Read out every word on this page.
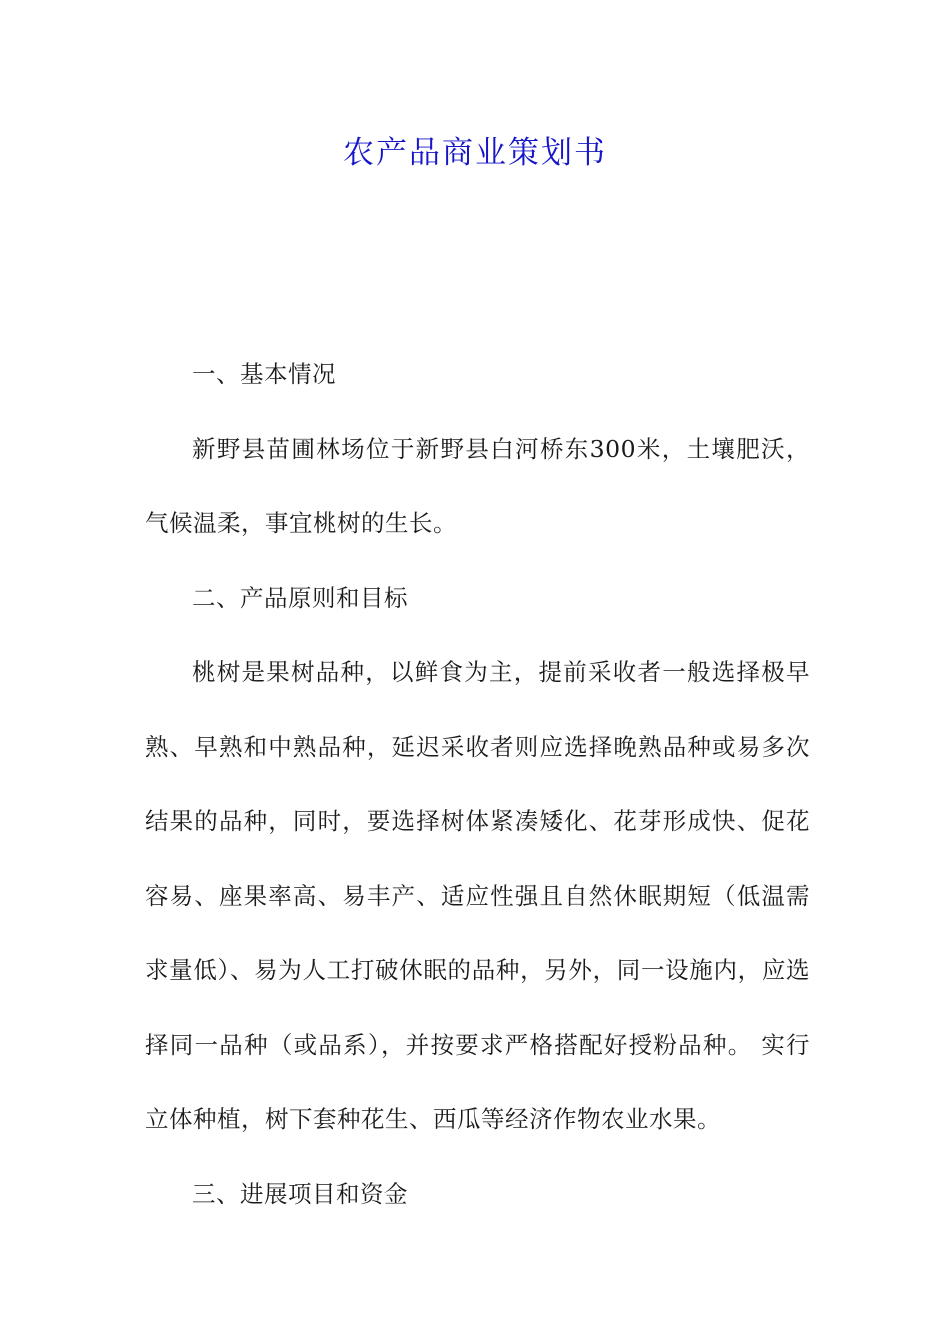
农产品商业策划书

一、基本情况

新野县苗圃林场位于新野县白河桥东300米，土壤肥沃，气候温柔，事宜桃树的生长。

二、产品原则和目标

桃树是果树品种，以鲜食为主，提前采收者一般选择极早熟、早熟和中熟品种，延迟采收者则应选择晚熟品种或易多次结果的品种，同时，要选择树体紧凑矮化、花芽形成快、促花容易、座果率高、易丰产、适应性强且自然休眠期短（低温需求量低）、易为人工打破休眠的品种，另外，同一设施内，应选择同一品种（或品系），并按要求严格搭配好授粉品种。 实行立体种植，树下套种花生、西瓜等经济作物农业水果。

三、进展项目和资金
